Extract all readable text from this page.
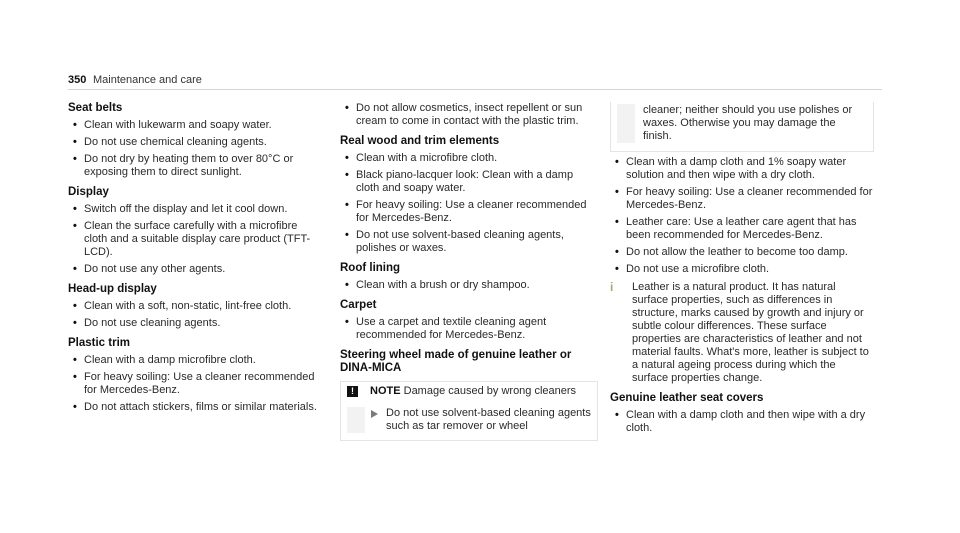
350 Maintenance and care
Seat belts
• Clean with lukewarm and soapy water.
• Do not use chemical cleaning agents.
• Do not dry by heating them to over 80°C or exposing them to direct sunlight.
Display
• Switch off the display and let it cool down.
• Clean the surface carefully with a microfibre cloth and a suitable display care product (TFT-LCD).
• Do not use any other agents.
Head-up display
• Clean with a soft, non-static, lint-free cloth.
• Do not use cleaning agents.
Plastic trim
• Clean with a damp microfibre cloth.
• For heavy soiling: Use a cleaner recommended for Mercedes-Benz.
• Do not attach stickers, films or similar materials.
• Do not allow cosmetics, insect repellent or sun cream to come in contact with the plastic trim.
Real wood and trim elements
• Clean with a microfibre cloth.
• Black piano-lacquer look: Clean with a damp cloth and soapy water.
• For heavy soiling: Use a cleaner recommended for Mercedes-Benz.
• Do not use solvent-based cleaning agents, polishes or waxes.
Roof lining
• Clean with a brush or dry shampoo.
Carpet
• Use a carpet and textile cleaning agent recommended for Mercedes-Benz.
Steering wheel made of genuine leather or DINA-MICA
!	NOTE Damage caused by wrong cleaners
Do not use solvent-based cleaning agents such as tar remover or wheel
cleaner; neither should you use polishes or waxes. Otherwise you may damage the finish.
• Clean with a damp cloth and 1% soapy water solution and then wipe with a dry cloth.
• For heavy soiling: Use a cleaner recommended for Mercedes-Benz.
• Leather care: Use a leather care agent that has been recommended for Mercedes-Benz.
• Do not allow the leather to become too damp.
• Do not use a microfibre cloth.
i	Leather is a natural product. It has natural surface properties, such as differences in structure, marks caused by growth and injury or subtle colour differences. These surface properties are characteristics of leather and not material faults. What's more, leather is subject to a natural ageing process during which the surface properties change.
Genuine leather seat covers
• Clean with a damp cloth and then wipe with a dry cloth.
